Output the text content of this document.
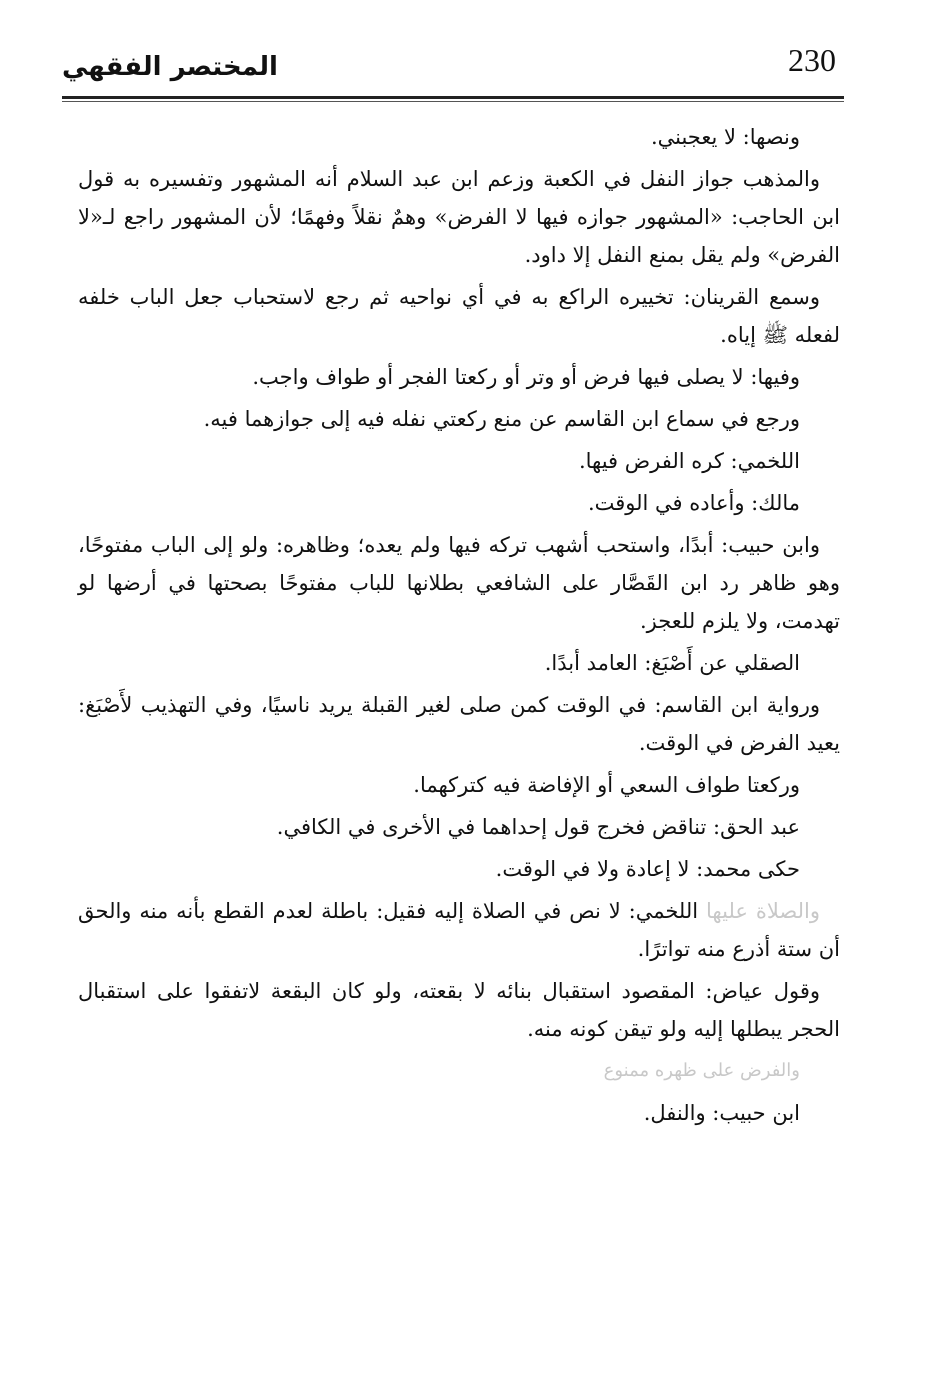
230
المختصر الفقهي

ونصها: لا يعجبني.

والمذهب جواز النفل في الكعبة وزعم ابن عبد السلام أنه المشهور وتفسيره به قول ابن الحاجب: «المشهور جوازه فيها لا الفرض» وهمٌ نقلاً وفهمًا؛ لأن المشهور راجع لـ«لا الفرض» ولم يقل بمنع النفل إلا داود.

وسمع القرينان: تخييره الراكع به في أي نواحيه ثم رجع لاستحباب جعل الباب خلفه لفعله ﷺ إياه.

وفيها: لا يصلى فيها فرض أو وتر أو ركعتا الفجر أو طواف واجب.

ورجع في سماع ابن القاسم عن منع ركعتي نفله فيه إلى جوازهما فيه.

اللخمي: كره الفرض فيها.

مالك: وأعاده في الوقت.

وابن حبيب: أبدًا، واستحب أشهب تركه فيها ولم يعده؛ وظاهره: ولو إلى الباب مفتوحًا، وهو ظاهر رد ابن القَصَّار على الشافعي بطلانها للباب مفتوحًا بصحتها في أرضها لو تهدمت، ولا يلزم للعجز.

الصقلي عن أَصْبَغ: العامد أبدًا.

ورواية ابن القاسم: في الوقت كمن صلى لغير القبلة يريد ناسيًا، وفي التهذيب لأَصْبَغ: يعيد الفرض في الوقت.

وركعتا طواف السعي أو الإفاضة فيه كتركهما.

عبد الحق: تناقض فخرج قول إحداهما في الأخرى في الكافي.

حكى محمد: لا إعادة ولا في الوقت.

والصلاة عليها اللخمي: لا نص في الصلاة إليه فقيل: باطلة لعدم القطع بأنه منه والحق أن ستة أذرع منه تواترًا.

وقول عياض: المقصود استقبال بنائه لا بقعته، ولو كان البقعة لاتفقوا على استقبال الحجر يبطلها إليه ولو تيقن كونه منه.

والفرض على ظهره ممنوع

ابن حبيب: والنفل.
